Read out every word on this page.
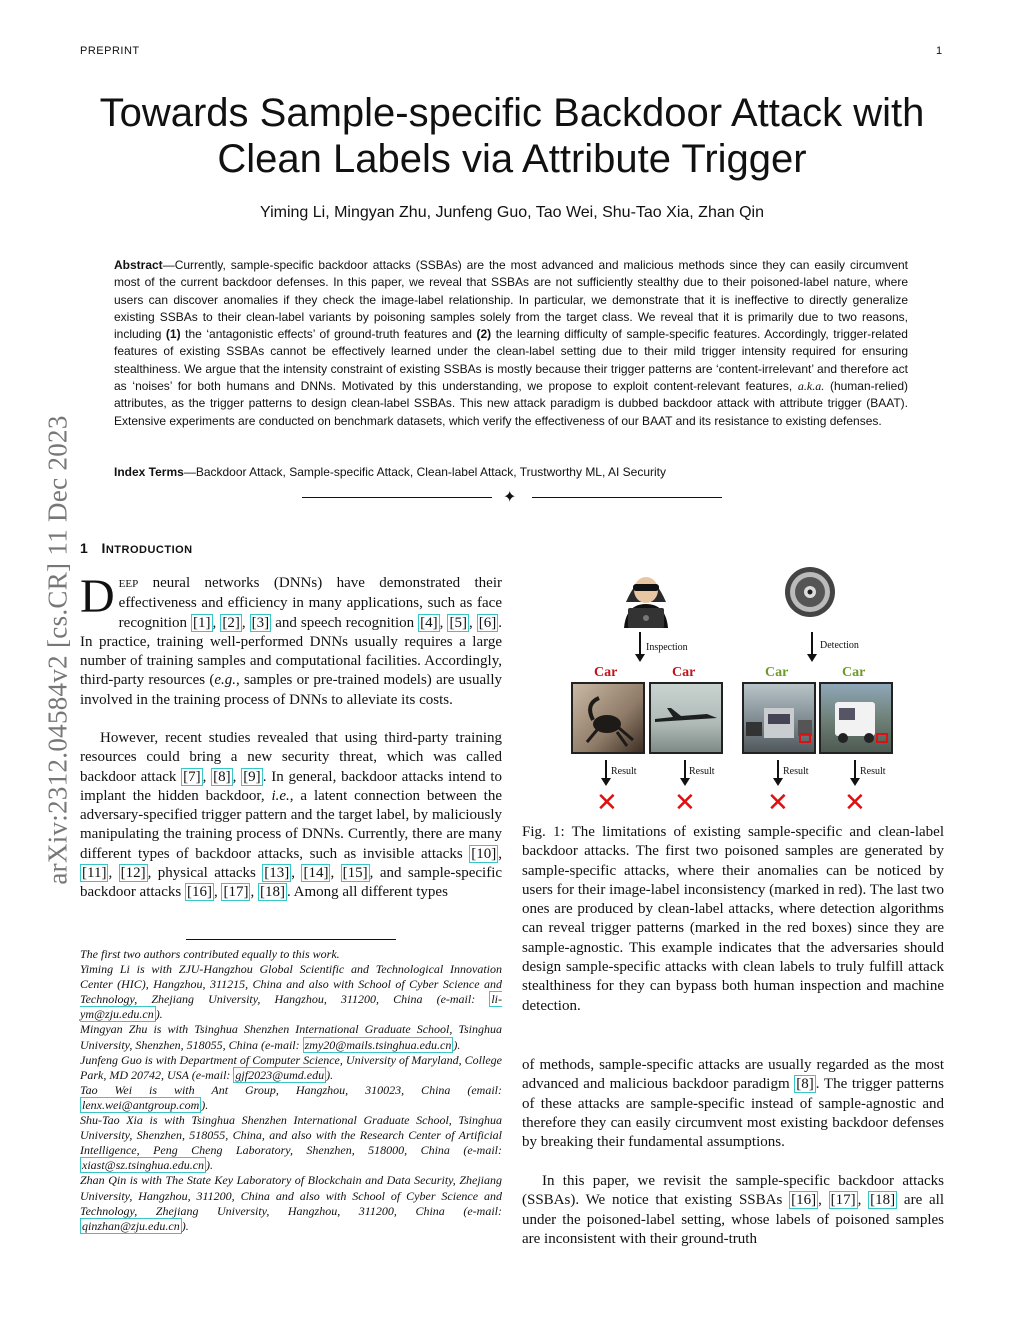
PREPRINT	1
arXiv:2312.04584v2 [cs.CR] 11 Dec 2023
Towards Sample-specific Backdoor Attack with
Clean Labels via Attribute Trigger
Yiming Li, Mingyan Zhu, Junfeng Guo, Tao Wei, Shu-Tao Xia, Zhan Qin
Abstract—Currently, sample-specific backdoor attacks (SSBAs) are the most advanced and malicious methods since they can easily circumvent most of the current backdoor defenses. In this paper, we reveal that SSBAs are not sufficiently stealthy due to their poisoned-label nature, where users can discover anomalies if they check the image-label relationship. In particular, we demonstrate that it is ineffective to directly generalize existing SSBAs to their clean-label variants by poisoning samples solely from the target class. We reveal that it is primarily due to two reasons, including (1) the ‘antagonistic effects’ of ground-truth features and (2) the learning difficulty of sample-specific features. Accordingly, trigger-related features of existing SSBAs cannot be effectively learned under the clean-label setting due to their mild trigger intensity required for ensuring stealthiness. We argue that the intensity constraint of existing SSBAs is mostly because their trigger patterns are ‘content-irrelevant’ and therefore act as ‘noises’ for both humans and DNNs. Motivated by this understanding, we propose to exploit content-relevant features, a.k.a. (human-relied) attributes, as the trigger patterns to design clean-label SSBAs. This new attack paradigm is dubbed backdoor attack with attribute trigger (BAAT). Extensive experiments are conducted on benchmark datasets, which verify the effectiveness of our BAAT and its resistance to existing defenses.
Index Terms—Backdoor Attack, Sample-specific Attack, Clean-label Attack, Trustworthy ML, AI Security
✦
1 INTRODUCTION
DEEP neural networks (DNNs) have demonstrated their effectiveness and efficiency in many applications, such as face recognition [1] , [2] , [3] and speech recognition [4] , [5] , [6] . In practice, training well-performed DNNs usually requires a large number of training samples and computational facilities. Accordingly, third-party resources (e.g., samples or pre-trained models) are usually involved in the training process of DNNs to alleviate its costs.
However, recent studies revealed that using third-party training resources could bring a new security threat, which was called backdoor attack [7] , [8] , [9] . In general, backdoor attacks intend to implant the hidden backdoor, i.e., a latent connection between the adversary-specified trigger pattern and the target label, by maliciously manipulating the training process of DNNs. Currently, there are many different types of backdoor attacks, such as invisible attacks [10] , [11] , [12] , physical attacks [13] , [14] , [15] , and sample-specific backdoor attacks [16] , [17] , [18] . Among all different types

The first two authors contributed equally to this work.

Yiming Li is with ZJU-Hangzhou Global Scientific and Technological Innovation Center (HIC), Hangzhou, 311215, China and also with School of Cyber Science and Technology, Zhejiang University, Hangzhou, 311200, China (e-mail: li-ym@zju.edu.cn ).

Mingyan Zhu is with Tsinghua Shenzhen International Graduate School, Tsinghua University, Shenzhen, 518055, China (e-mail: zmy20@mails.tsinghua.edu.cn ).

Junfeng Guo is with Department of Computer Science, University of Maryland, College Park, MD 20742, USA (e-mail: gjf2023@umd.edu ).

Tao Wei is with Ant Group, Hangzhou, 310023, China (email: lenx.wei@antgroup.com ).

Shu-Tao Xia is with Tsinghua Shenzhen International Graduate School, Tsinghua University, Shenzhen, 518055, China, and also with the Research Center of Artificial Intelligence, Peng Cheng Laboratory, Shenzhen, 518000, China (e-mail: xiast@sz.tsinghua.edu.cn ).

Zhan Qin is with The State Key Laboratory of Blockchain and Data Security, Zhejiang University, Hangzhou, 311200, China and also with School of Cyber Science and Technology, Zhejiang University, Hangzhou, 311200, China (e-mail: qinzhan@zju.edu.cn ).

Inspection	Detection
Car	Car	Car	Car
Result
✕
Result
✕
Result
✕
Result
✕
Fig. 1: The limitations of existing sample-specific and clean-label backdoor attacks. The first two poisoned samples are generated by sample-specific attacks, where their anomalies can be noticed by users for their image-label inconsistency (marked in red). The last two ones are produced by clean-label attacks, where detection algorithms can reveal trigger patterns (marked in the red boxes) since they are sample-agnostic. This example indicates that the adversaries should design sample-specific attacks with clean labels to truly fulfill attack stealthiness for they can bypass both human inspection and machine detection.
of methods, sample-specific attacks are usually regarded as the most advanced and malicious backdoor paradigm [8] . The trigger patterns of these attacks are sample-specific instead of sample-agnostic and therefore they can easily circumvent most existing backdoor defenses by breaking their fundamental assumptions.
In this paper, we revisit the sample-specific backdoor attacks (SSBAs). We notice that existing SSBAs [16] , [17] , [18] are all under the poisoned-label setting, whose labels of poisoned samples are inconsistent with their ground-truth
